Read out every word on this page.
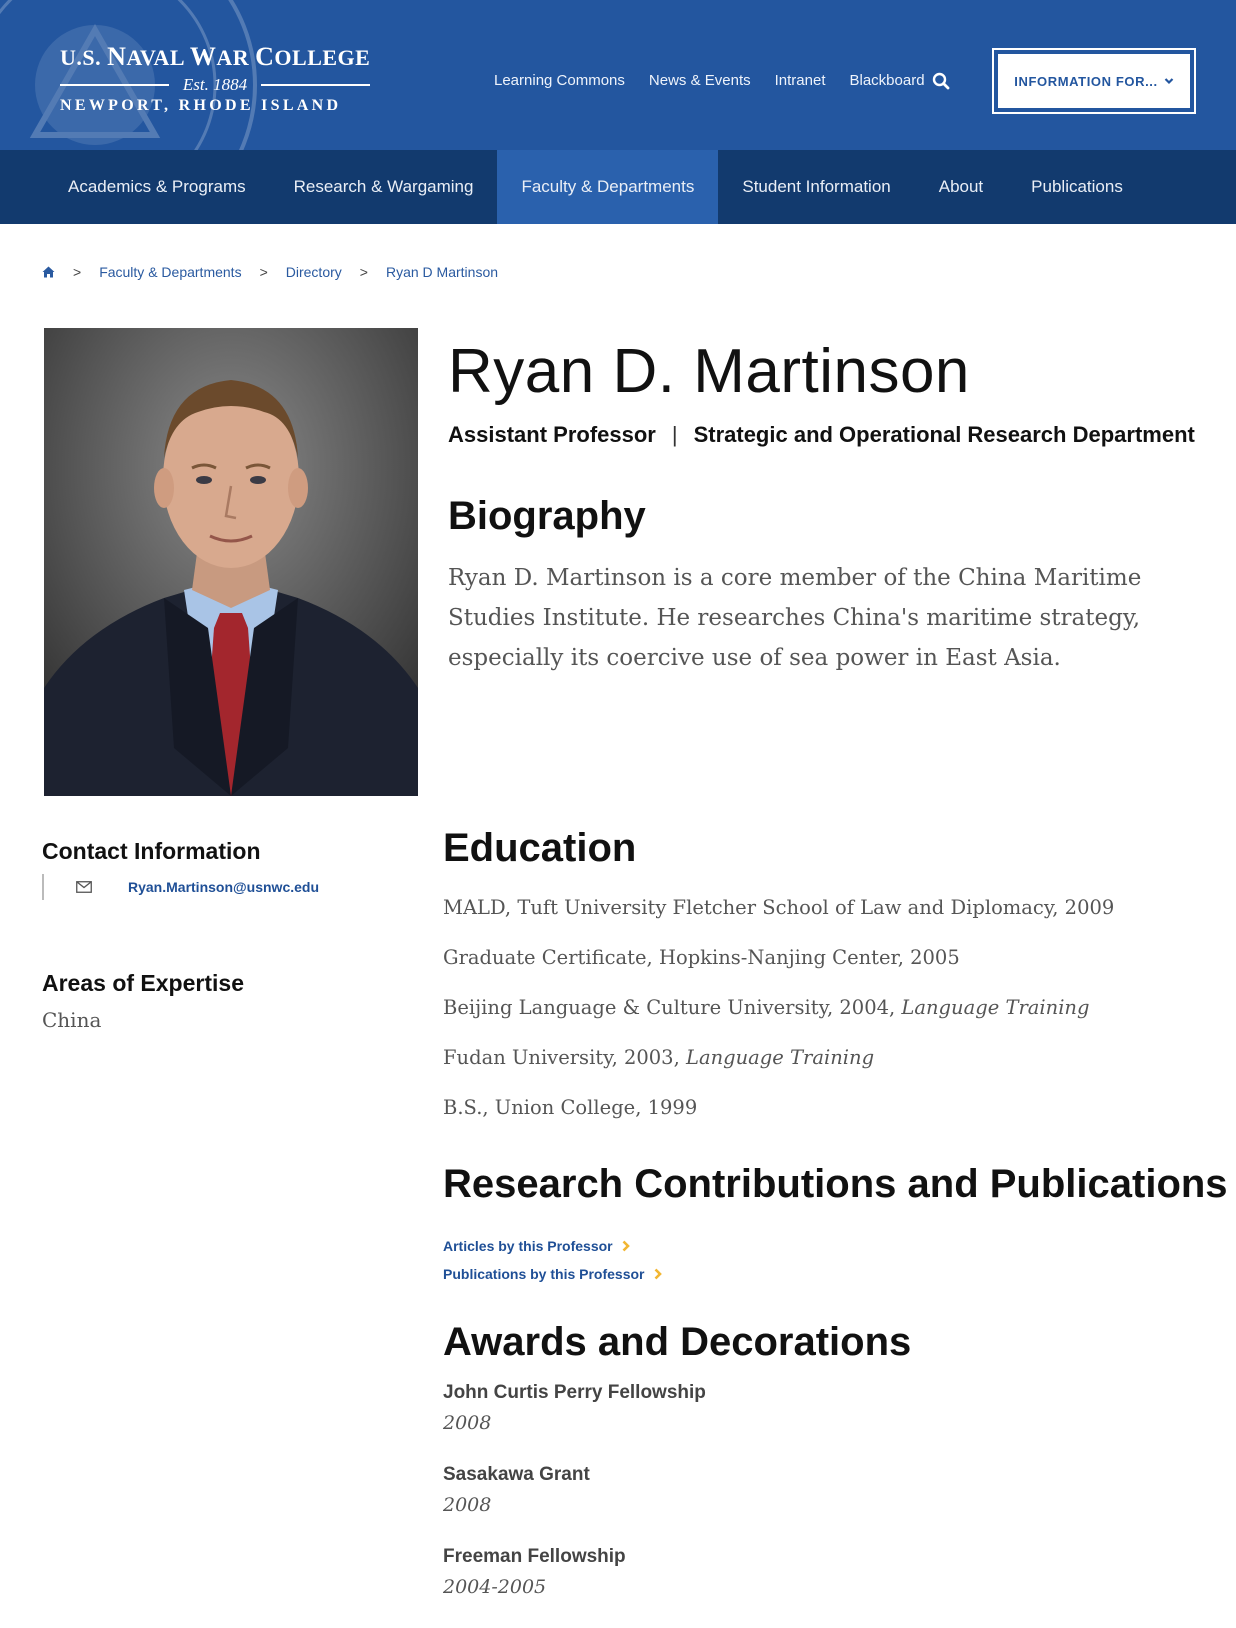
U.S. NAVAL WAR COLLEGE
Est. 1884
NEWPORT, RHODE ISLAND
Learning Commons News & Events Intranet Blackboard	INFORMATION FOR...
Academics & Programs	Research & Wargaming	Faculty & Departments	Student Information	About	Publications
> Faculty & Departments > Directory > Ryan D Martinson
Ryan D. Martinson
Assistant Professor | Strategic and Operational Research Department
Biography

Ryan D. Martinson is a core member of the China Maritime Studies Institute. He researches China's maritime strategy, especially its coercive use of sea power in East Asia.

Contact Information
Ryan.Martinson@usnwc.edu
Areas of Expertise
China
Education
MALD, Tuft University Fletcher School of Law and Diplomacy, 2009
Graduate Certificate, Hopkins-Nanjing Center, 2005
Beijing Language & Culture University, 2004, Language Training
Fudan University, 2003, Language Training
B.S., Union College, 1999
Research Contributions and Publications
Articles by this Professor
Publications by this Professor
Awards and Decorations
John Curtis Perry Fellowship
2008
Sasakawa Grant
2008
Freeman Fellowship
2004-2005
